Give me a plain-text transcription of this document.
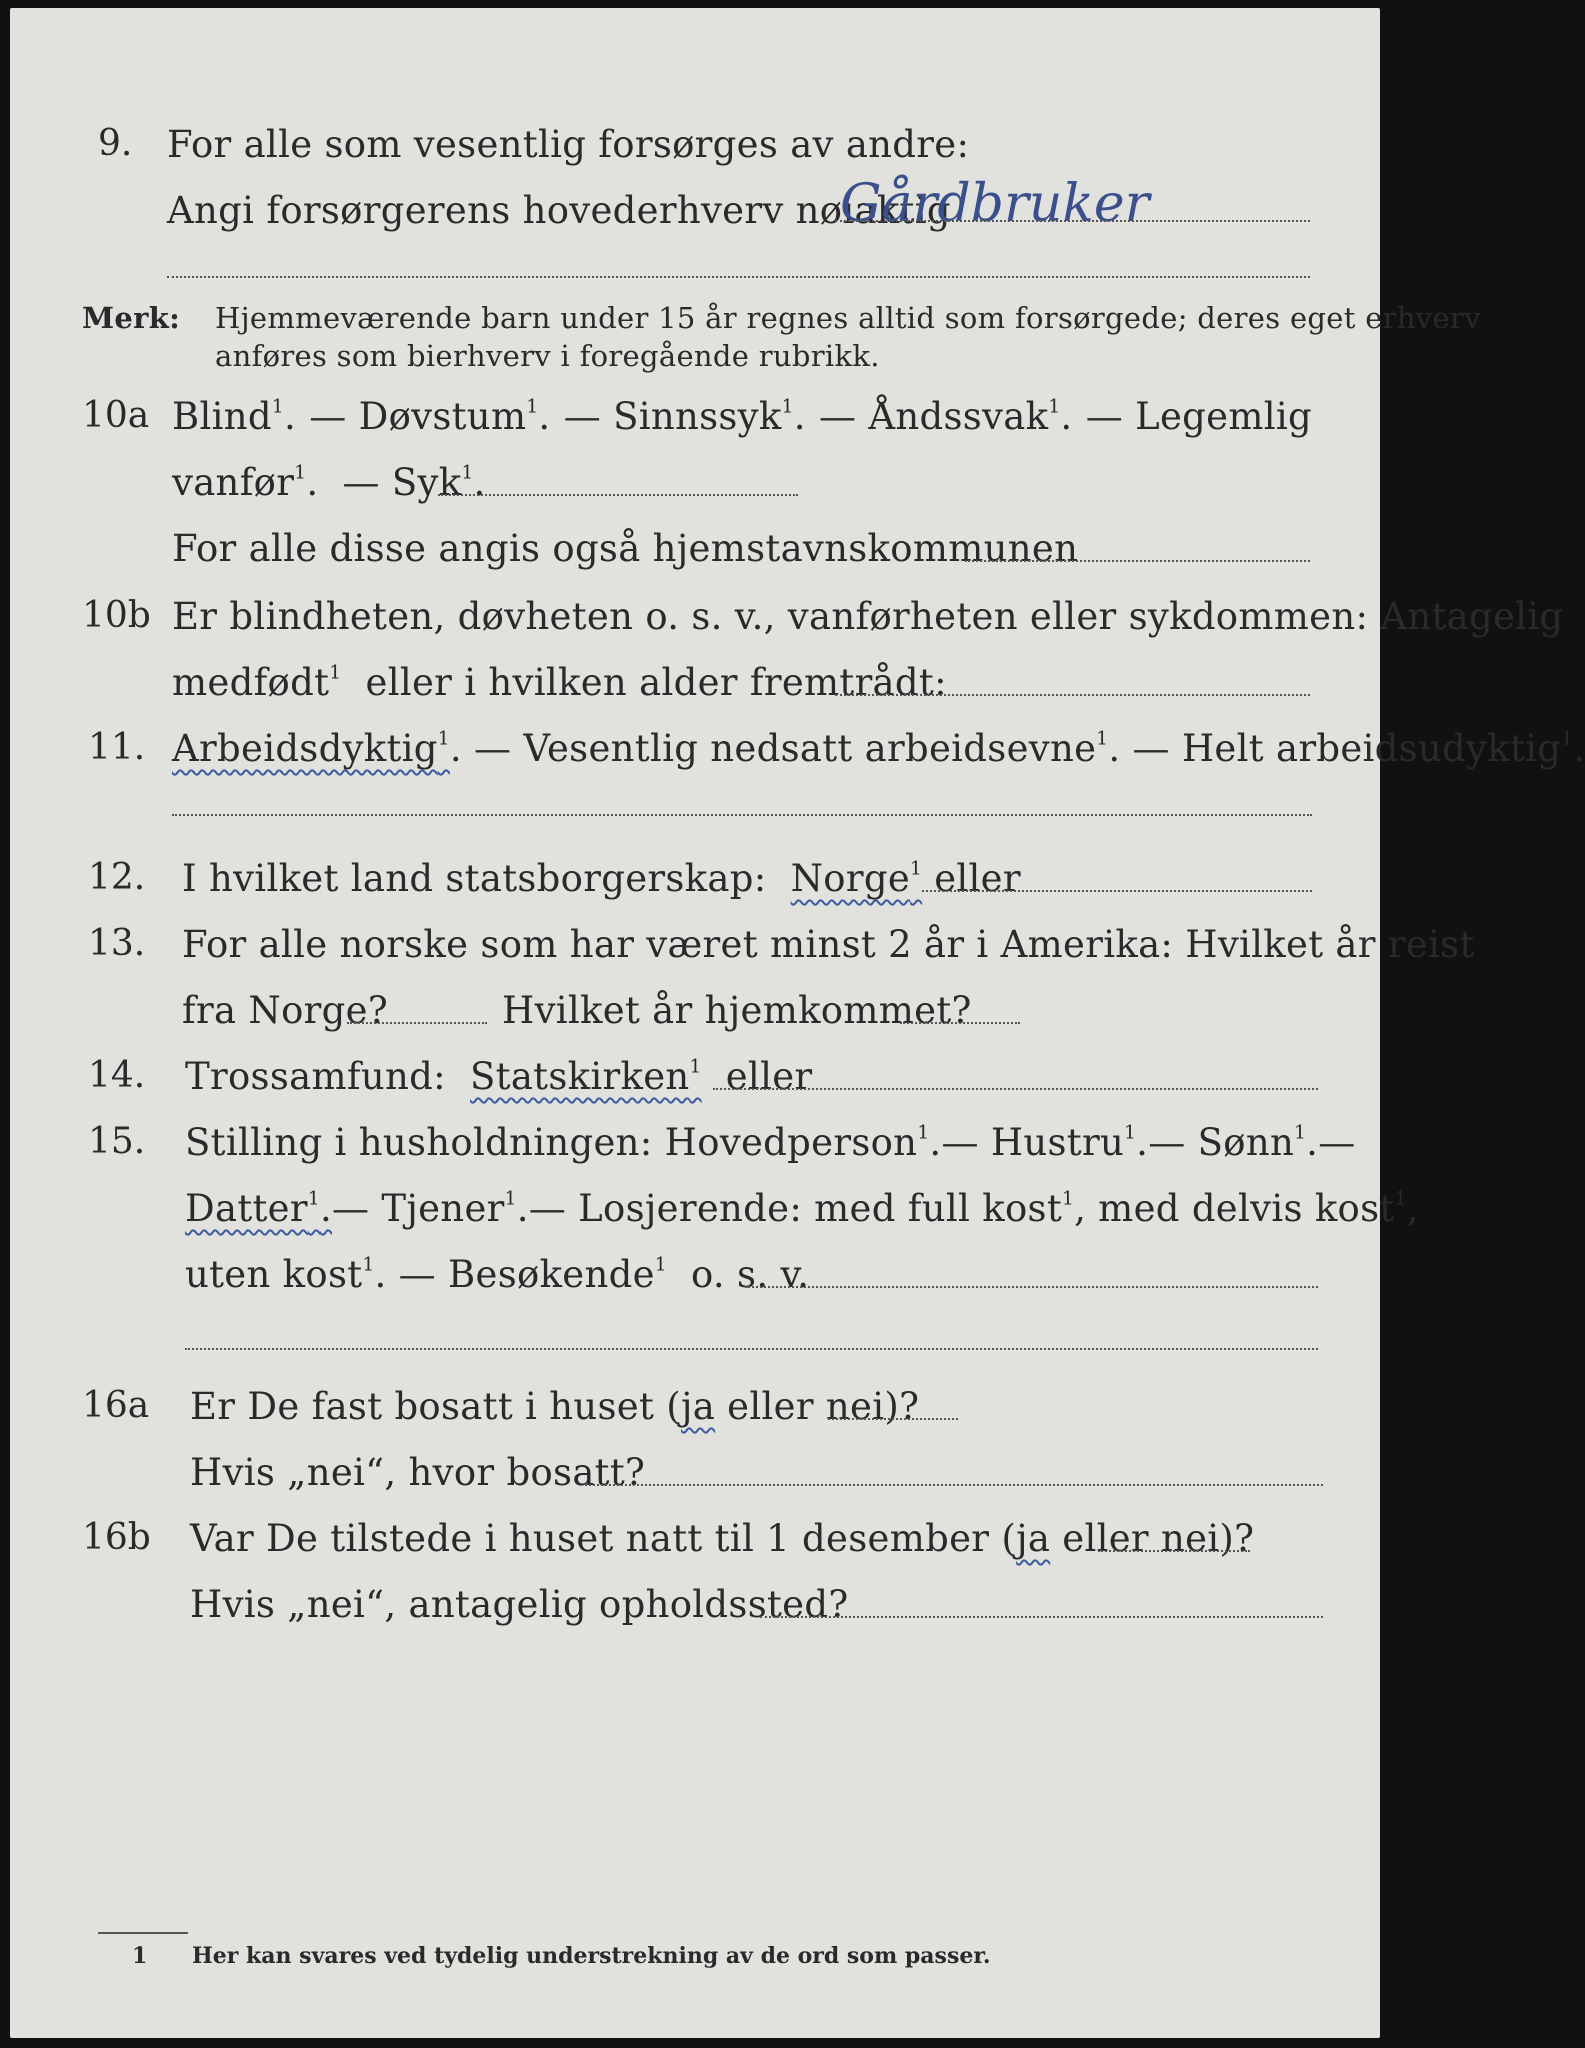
9. For alle som vesentlig forsørges av andre:
Angi forsørgerens hovederhverv nøiaktig
Gårdbruker
Merk: Hjemmeværende barn under 15 år regnes alltid som forsørgede; deres eget erhverv
anføres som bierhverv i foregående rubrikk.
10a Blind$^1$. — Døvstum$^1$. — Sinnssyk$^1$. — Åndssvak$^1$. — Legemlig
vanfør$^1$.  — Syk$^1$.
For alle disse angis også hjemstavnskommunen
10b Er blindheten, døvheten o. s. v., vanførheten eller sykdommen: Antagelig
medfødt$^1$ eller i hvilken alder fremtrådt:
11. Arbeidsdyktig$^1$. — Vesentlig nedsatt arbeidsevne$^1$. — Helt arbeidsudyktig$^1$.
12. I hvilket land statsborgerskap: Norge$^1$ eller
13. For alle norske som har været minst 2 år i Amerika: Hvilket år reist
fra Norge?	Hvilket år hjemkommet?
14. Trossamfund: Statskirken$^1$ eller
15. Stilling i husholdningen: Hovedperson$^1$. — Hustru$^1$. — Sønn$^1$. —
Datter$^1$. — Tjener$^1$. — Losjerende: med full kost$^1$, med delvis kost$^1$,
uten kost$^1$. — Besøkende$^1$ o. s. v.
16a Er De fast bosatt i huset (ja eller nei)?
Hvis „nei“, hvor bosatt?
16b Var De tilstede i huset natt til 1 desember (ja eller nei)?
Hvis „nei“, antagelig opholdssted?
1 Her kan svares ved tydelig understrekning av de ord som passer.
